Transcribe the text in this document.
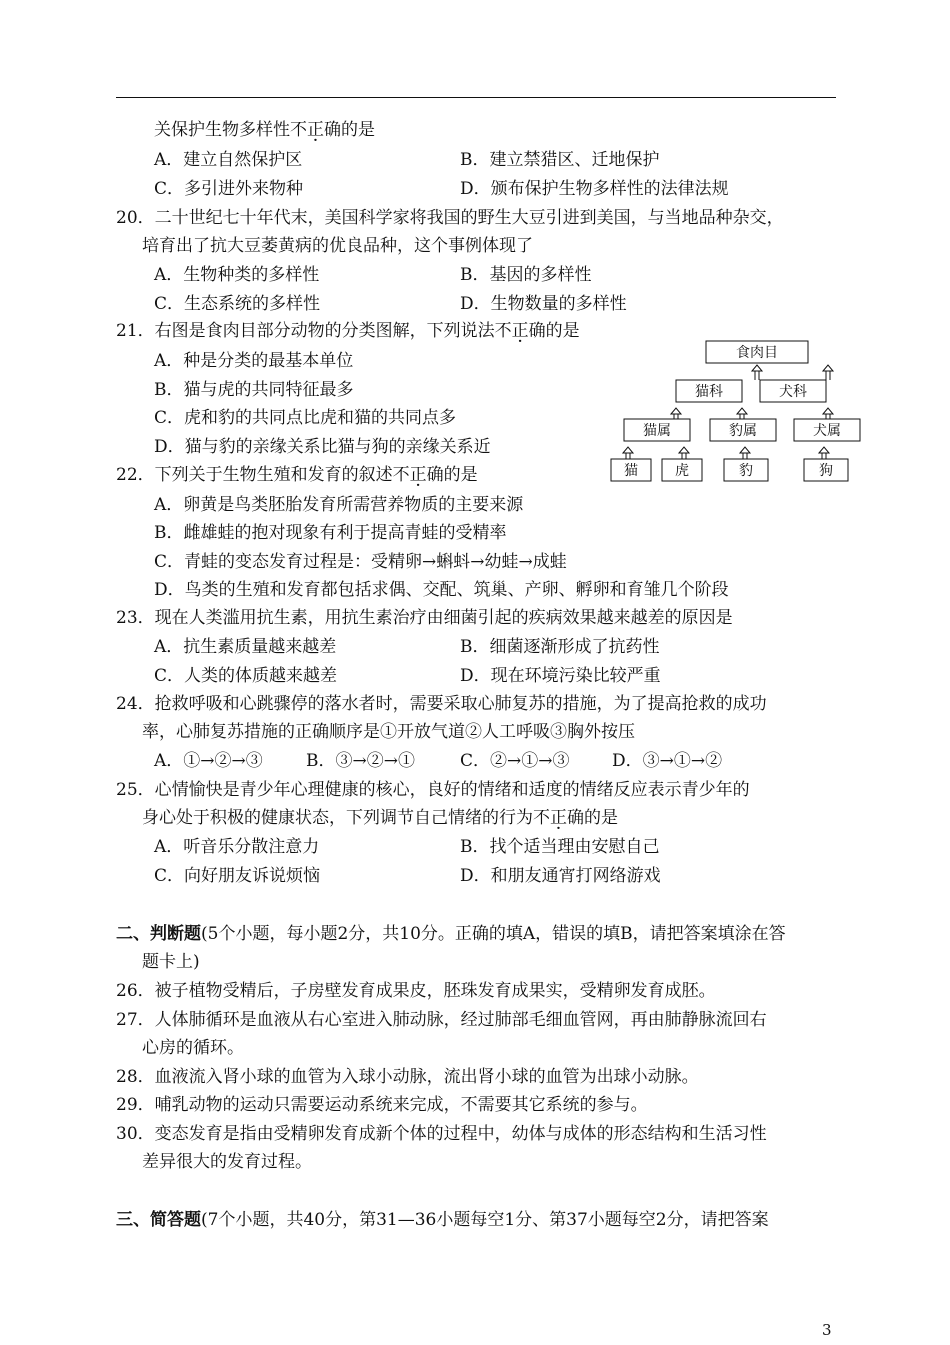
关保护生物多样性不正确的是
A．建立自然保护区	B．建立禁猎区、迁地保护
C．多引进外来物种	D．颁布保护生物多样性的法律法规
20．二十世纪七十年代末，美国科学家将我国的野生大豆引进到美国，与当地品种杂交，
培育出了抗大豆萎黄病的优良品种，这个事例体现了
A．生物种类的多样性	B．基因的多样性
C．生态系统的多样性	D．生物数量的多样性
21．右图是食肉目部分动物的分类图解，下列说法不正确的是
A．种是分类的最基本单位
B．猫与虎的共同特征最多
C．虎和豹的共同点比虎和猫的共同点多
D．猫与豹的亲缘关系比猫与狗的亲缘关系近
食肉目
猫科	犬科
猫属	豹属	犬属
猫	虎	豹	狗
22．下列关于生物生殖和发育的叙述不正确的是
A．卵黄是鸟类胚胎发育所需营养物质的主要来源
B．雌雄蛙的抱对现象有利于提高青蛙的受精率
C．青蛙的变态发育过程是：受精卵→蝌蚪→幼蛙→成蛙
D．鸟类的生殖和发育都包括求偶、交配、筑巢、产卵、孵卵和育雏几个阶段
23．现在人类滥用抗生素，用抗生素治疗由细菌引起的疾病效果越来越差的原因是
A．抗生素质量越来越差	B．细菌逐渐形成了抗药性
C．人类的体质越来越差	D．现在环境污染比较严重
24．抢救呼吸和心跳骤停的落水者时，需要采取心肺复苏的措施，为了提高抢救的成功
率，心肺复苏措施的正确顺序是①开放气道②人工呼吸③胸外按压
A．①→②→③	B．③→②→①	C．②→①→③	D．③→①→②
25．心情愉快是青少年心理健康的核心，良好的情绪和适度的情绪反应表示青少年的
身心处于积极的健康状态，下列调节自己情绪的行为不正确的是
A．听音乐分散注意力	B．找个适当理由安慰自己
C．向好朋友诉说烦恼	D．和朋友通宵打网络游戏
二、判断题(5个小题，每小题2分，共10分。正确的填A，错误的填B，请把答案填涂在答
题卡上)
26．被子植物受精后，子房壁发育成果皮，胚珠发育成果实，受精卵发育成胚。
27．人体肺循环是血液从右心室进入肺动脉，经过肺部毛细血管网，再由肺静脉流回右
心房的循环。
28．血液流入肾小球的血管为入球小动脉，流出肾小球的血管为出球小动脉。
29．哺乳动物的运动只需要运动系统来完成，不需要其它系统的参与。
30．变态发育是指由受精卵发育成新个体的过程中，幼体与成体的形态结构和生活习性
差异很大的发育过程。
三、简答题(7个小题，共40分，第31—36小题每空1分、第37小题每空2分，请把答案
3
